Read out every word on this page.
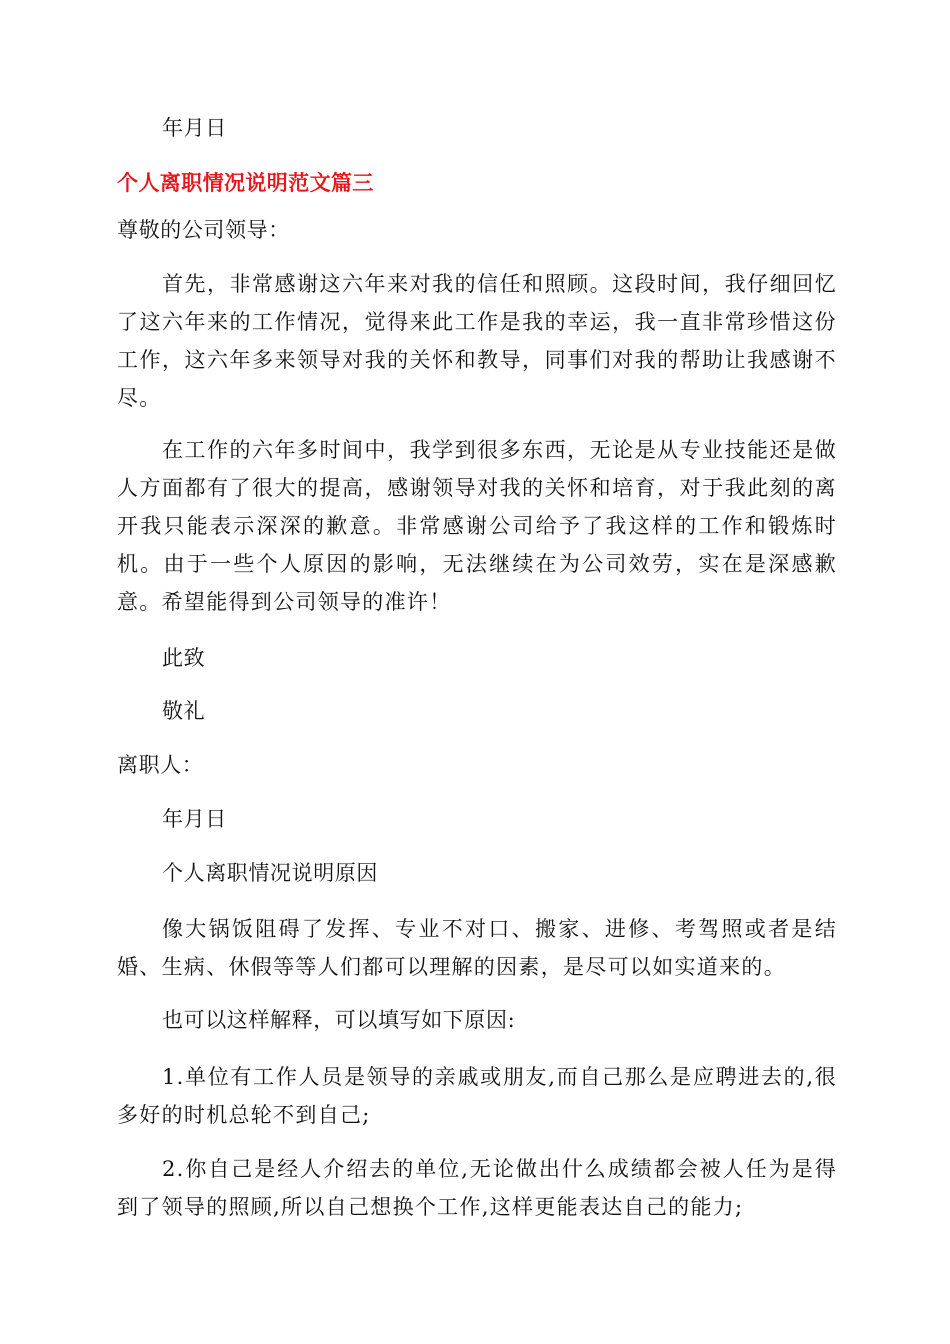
年月日
个人离职情况说明范文篇三
尊敬的公司领导：

首先，非常感谢这六年来对我的信任和照顾。这段时间，我仔细回忆了这六年来的工作情况，觉得来此工作是我的幸运，我一直非常珍惜这份工作，这六年多来领导对我的关怀和教导，同事们对我的帮助让我感谢不尽。

在工作的六年多时间中，我学到很多东西，无论是从专业技能还是做人方面都有了很大的提高，感谢领导对我的关怀和培育，对于我此刻的离开我只能表示深深的歉意。非常感谢公司给予了我这样的工作和锻炼时机。由于一些个人原因的影响，无法继续在为公司效劳，实在是深感歉意。希望能得到公司领导的准许！

此致
敬礼
离职人：
年月日
个人离职情况说明原因

像大锅饭阻碍了发挥、专业不对口、搬家、进修、考驾照或者是结婚、生病、休假等等人们都可以理解的因素，是尽可以如实道来的。

也可以这样解释，可以填写如下原因:

1.单位有工作人员是领导的亲戚或朋友,而自己那么是应聘进去的,很多好的时机总轮不到自己;

2.你自己是经人介绍去的单位,无论做出什么成绩都会被人任为是得到了领导的照顾,所以自己想换个工作,这样更能表达自己的能力;
